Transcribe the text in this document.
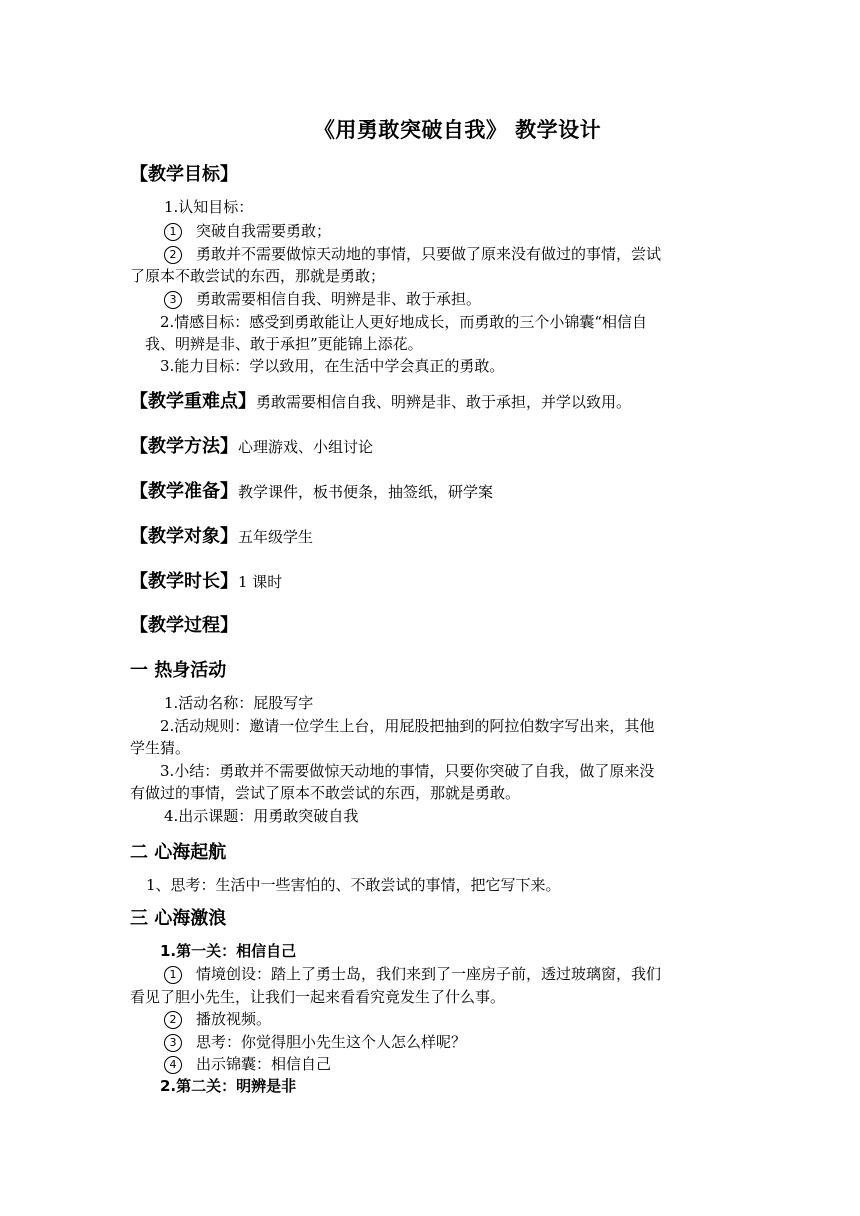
《用勇敢突破自我》 教学设计
【教学目标】
1.认知目标：
1 突破自我需要勇敢；
2 勇敢并不需要做惊天动地的事情，只要做了原来没有做过的事情，尝试
了原本不敢尝试的东西，那就是勇敢；
3 勇敢需要相信自我、明辨是非、敢于承担。
2.情感目标：感受到勇敢能让人更好地成长，而勇敢的三个小锦囊“相信自
我、明辨是非、敢于承担”更能锦上添花。
3.能力目标：学以致用，在生活中学会真正的勇敢。
【教学重难点】勇敢需要相信自我、明辨是非、敢于承担，并学以致用。
【教学方法】心理游戏、小组讨论
【教学准备】教学课件，板书便条，抽签纸，研学案
【教学对象】五年级学生
【教学时长】1 课时
【教学过程】
一 热身活动
1.活动名称：屁股写字
2.活动规则：邀请一位学生上台，用屁股把抽到的阿拉伯数字写出来，其他
学生猜。
3.小结：勇敢并不需要做惊天动地的事情，只要你突破了自我，做了原来没
有做过的事情，尝试了原本不敢尝试的东西，那就是勇敢。
4.出示课题：用勇敢突破自我
二 心海起航
1、思考：生活中一些害怕的、不敢尝试的事情，把它写下来。
三 心海激浪
1.第一关：相信自己
1 情境创设：踏上了勇士岛，我们来到了一座房子前，透过玻璃窗，我们
看见了胆小先生，让我们一起来看看究竟发生了什么事。
2 播放视频。
3 思考：你觉得胆小先生这个人怎么样呢？
4 出示锦囊：相信自己
2.第二关：明辨是非
